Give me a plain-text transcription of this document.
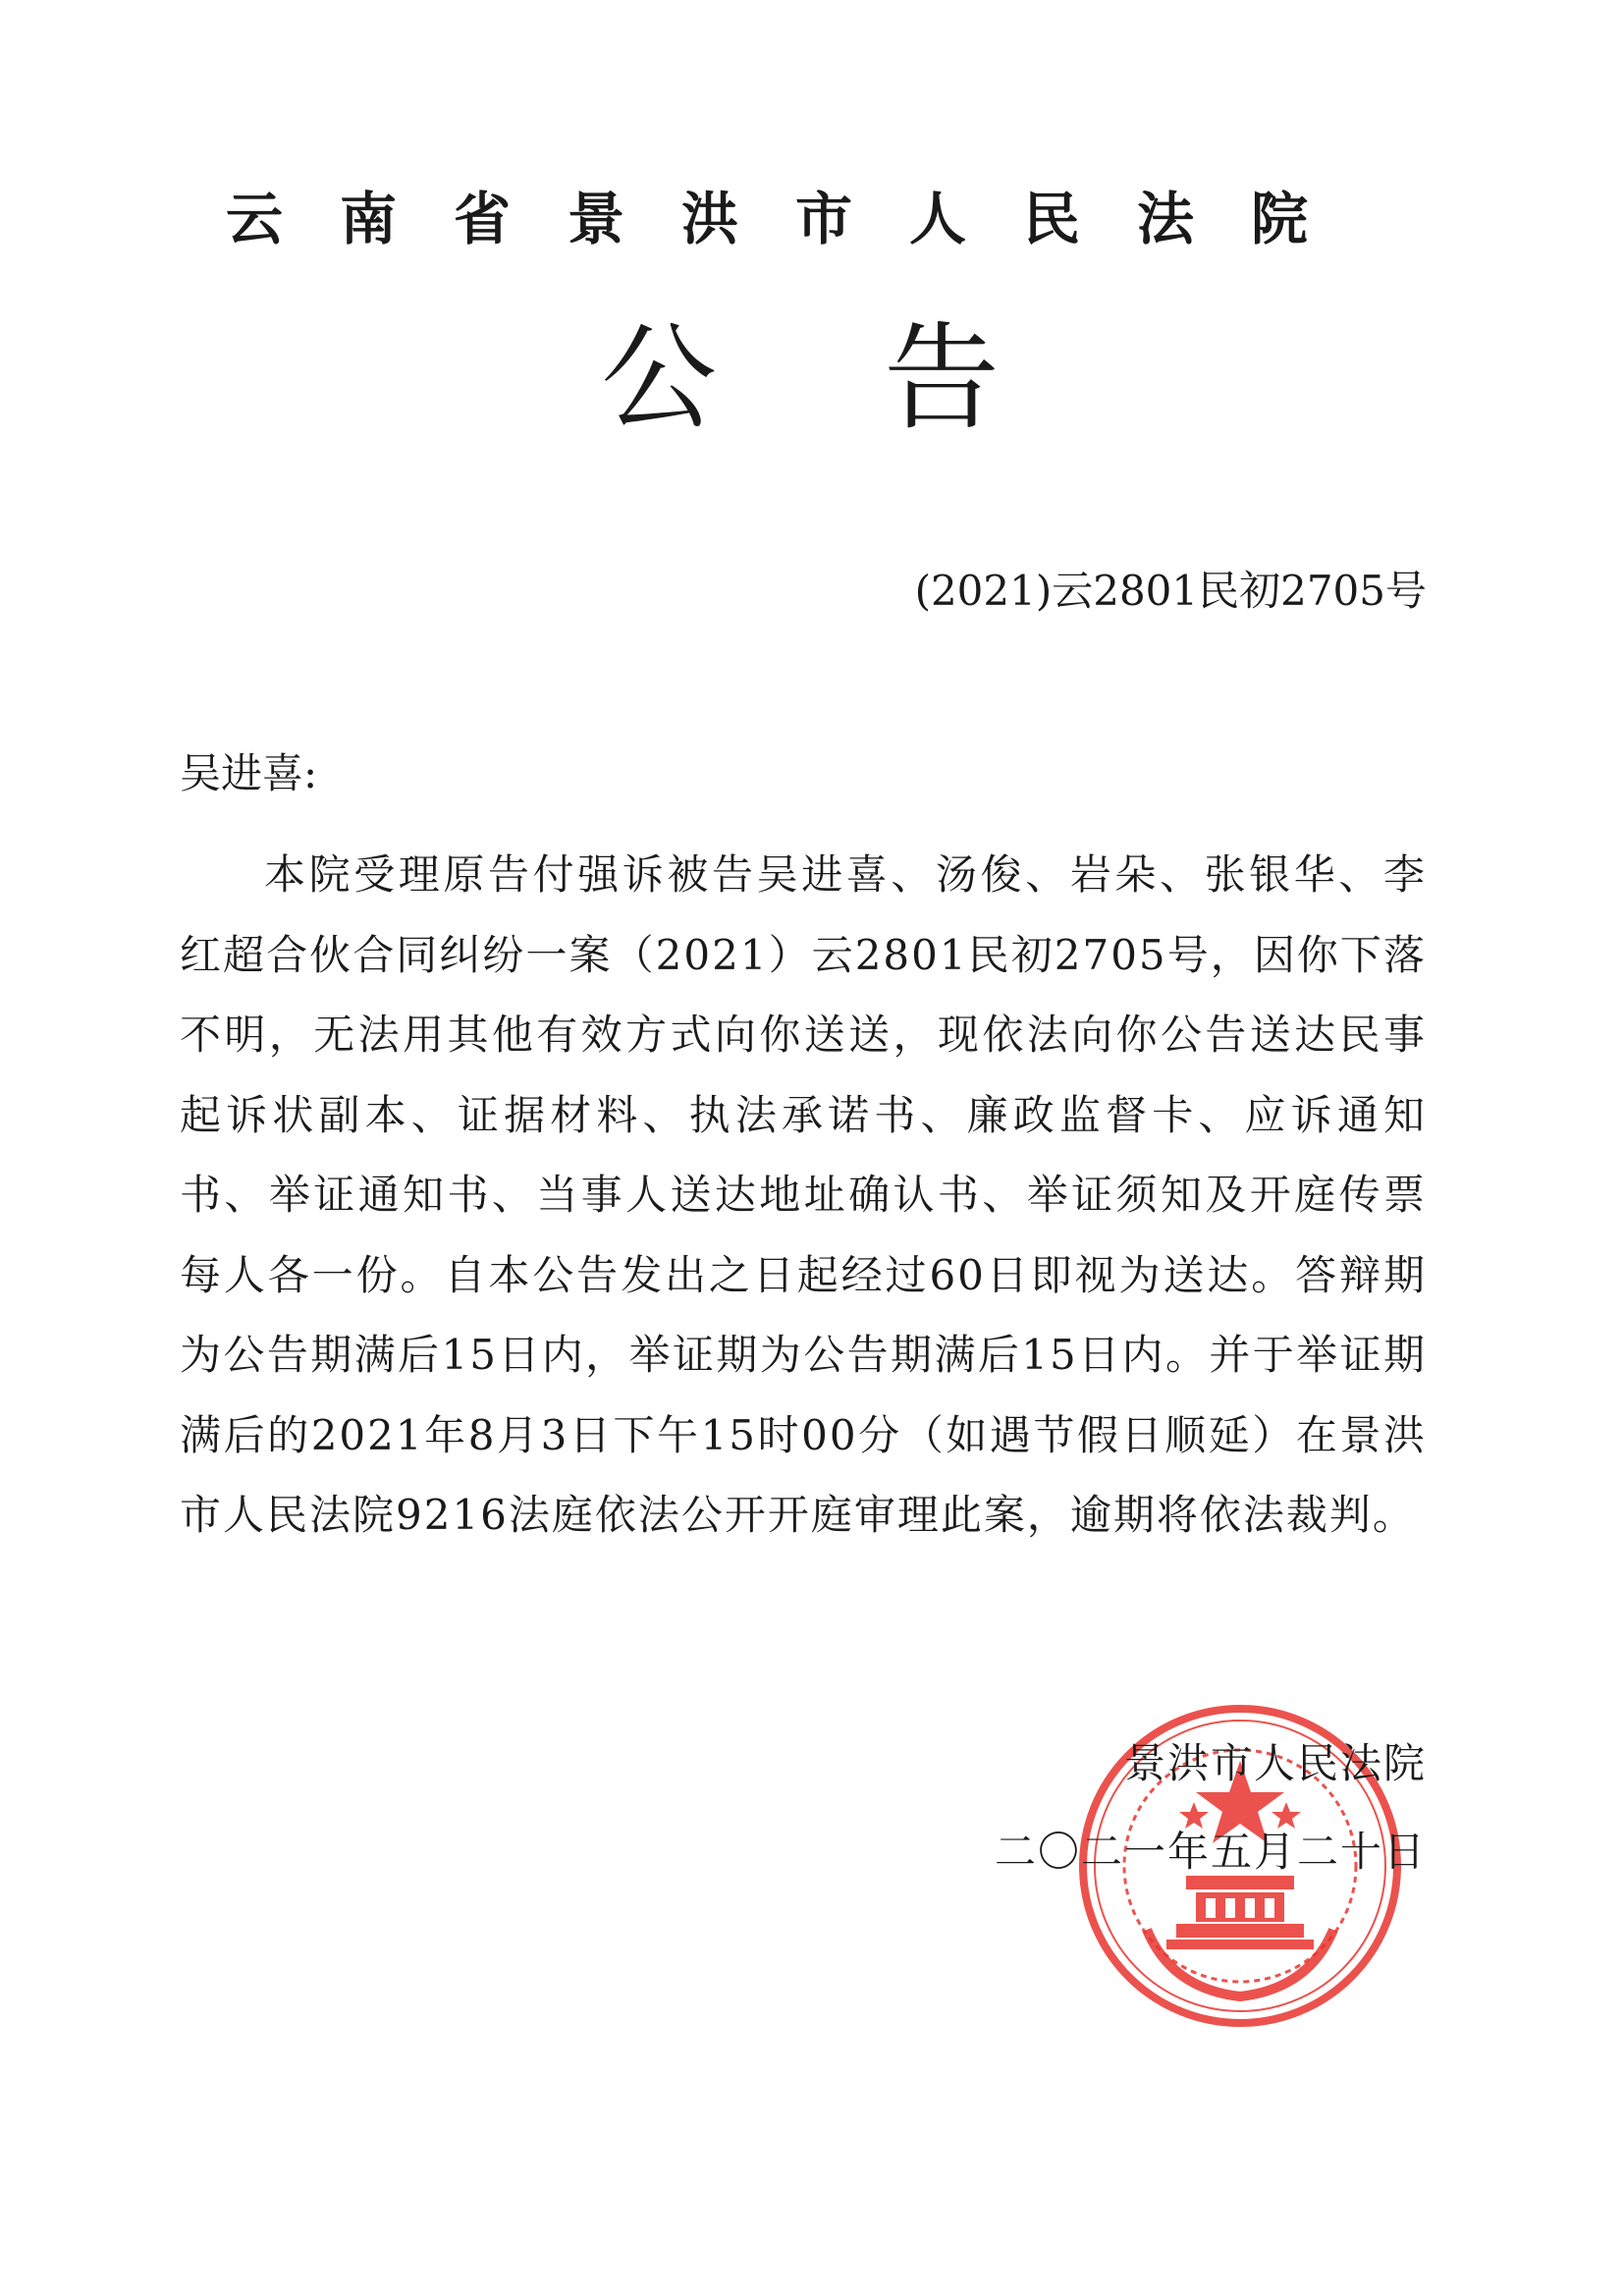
云南省景洪市人民法院
公告
(2021)云2801民初2705号
吴进喜:
本院受理原告付强诉被告吴进喜、汤俊、岩朵、张银华、李红超合伙合同纠纷一案（2021）云2801民初2705号，因你下落不明，无法用其他有效方式向你送送，现依法向你公告送达民事起诉状副本、证据材料、执法承诺书、廉政监督卡、应诉通知书、举证通知书、当事人送达地址确认书、举证须知及开庭传票每人各一份。自本公告发出之日起经过60日即视为送达。答辩期为公告期满后15日内，举证期为公告期满后15日内。并于举证期满后的2021年8月3日下午15时00分（如遇节假日顺延）在景洪市人民法院9216法庭依法公开开庭审理此案，逾期将依法裁判。
景洪市人民法院
二〇二一年五月二十日
